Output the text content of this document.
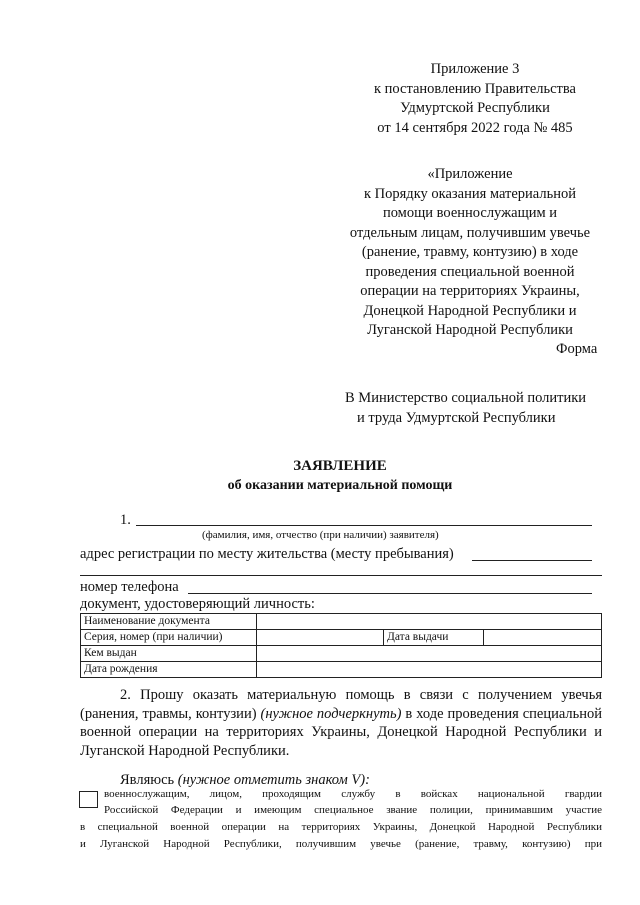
Приложение 3
к постановлению Правительства
Удмуртской Республики
от 14 сентября 2022 года № 485
«Приложение
к Порядку оказания материальной
помощи военнослужащим и
отдельным лицам, получившим увечье
(ранение, травму, контузию) в ходе
проведения специальной военной
операции на территориях Украины,
Донецкой Народной Республики и
Луганской Народной Республики
Форма
В Министерство социальной политики
и труда Удмуртской Республики
ЗАЯВЛЕНИЕ
об оказании материальной помощи
1.
(фамилия, имя, отчество (при наличии) заявителя)
адрес регистрации по месту жительства (месту пребывания)
номер телефона
документ, удостоверяющий личность:
Наименование документа			
Серия, номер (при наличии)		Дата выдачи	
Кем выдан			
Дата рождения			
2. Прошу оказать материальную помощь в связи с получением увечья (ранения, травмы, контузии) (нужное подчеркнуть) в ходе проведения специальной военной операции на территориях Украины, Донецкой Народной Республики и Луганской Народной Республики.
Являюсь (нужное отметить знаком V):
военнослужащим, лицом, проходящим службу в войсках национальной гвардии
Российской Федерации и имеющим специальное звание полиции, принимавшим участие
в специальной военной операции на территориях Украины, Донецкой Народной Республики
и Луганской Народной Республики, получившим увечье (ранение, травму, контузию) при
